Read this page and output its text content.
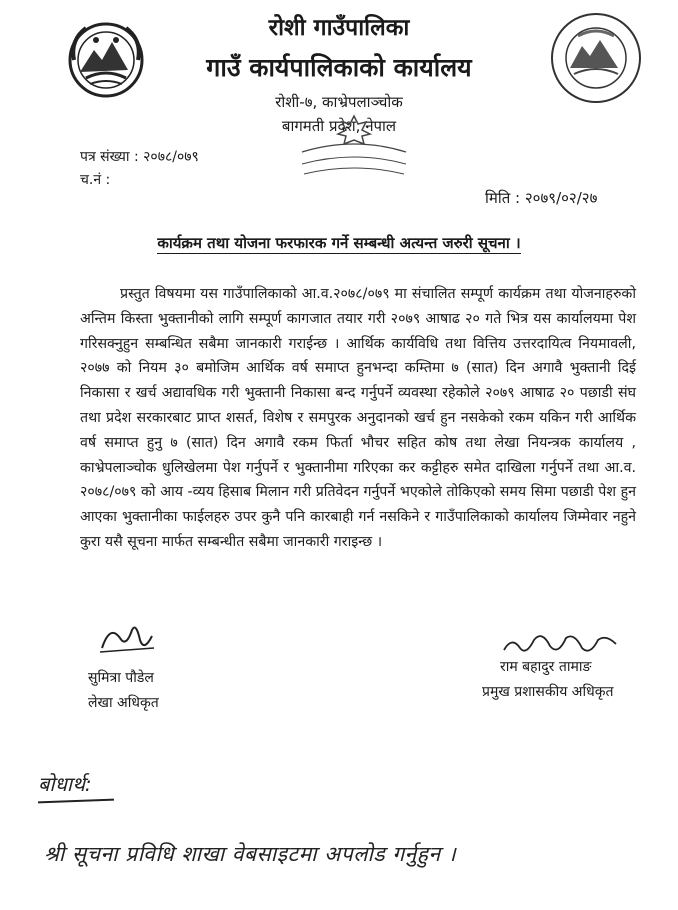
रोशी गाउँपालिका
गाउँ कार्यपालिकाको कार्यालय
रोशी-७, काभ्रेपलाञ्चोक
बागमती प्रदेश, नेपाल
पत्र संख्या : २०७८/०७९
च.नं :
मिति : २०७९/०२/२७
कार्यक्रम तथा योजना फरफारक गर्ने सम्बन्धी अत्यन्त जरुरी सूचना ।
प्रस्तुत विषयमा यस गाउँपालिकाको आ.व.२०७८/०७९ मा संचालित सम्पूर्ण कार्यक्रम तथा योजनाहरुको अन्तिम किस्ता भुक्तानीको लागि सम्पूर्ण कागजात तयार गरी २०७९ आषाढ २० गते भित्र यस कार्यालयमा पेश गरिसक्नुहुन सम्बन्धित सबैमा जानकारी गराईन्छ । आर्थिक कार्यविधि तथा वित्तिय उत्तरदायित्व नियमावली, २०७७ को नियम ३० बमोजिम आर्थिक वर्ष समाप्त हुनभन्दा कम्तिमा ७ (सात) दिन अगावै भुक्तानी दिई निकासा र खर्च अद्यावधिक गरी भुक्तानी निकासा बन्द गर्नुपर्ने व्यवस्था रहेकोले २०७९ आषाढ २० पछाडी संघ तथा प्रदेश सरकारबाट प्राप्त शसर्त, विशेष र समपुरक अनुदानको खर्च हुन नसकेको रकम यकिन गरी आर्थिक वर्ष समाप्त हुनु ७ (सात) दिन अगावै रकम फिर्ता भौचर सहित कोष तथा लेखा नियन्त्रक कार्यालय , काभ्रेपलाञ्चोक धुलिखेलमा पेश गर्नुपर्ने र भुक्तानीमा गरिएका कर कट्टीहरु समेत दाखिला गर्नुपर्ने तथा आ.व. २०७८/०७९ को आय -व्यय हिसाब मिलान गरी प्रतिवेदन गर्नुपर्ने भएकोले तोकिएको समय सिमा पछाडी पेश हुन आएका भुक्तानीका फाईलहरु उपर कुनै पनि कारबाही गर्न नसकिने र गाउँपालिकाको कार्यालय जिम्मेवार नहुने कुरा यसै सूचना मार्फत सम्बन्धीत सबैमा जानकारी गराइन्छ ।
सुमित्रा पौडेल
लेखा अधिकृत
राम बहादुर तामाङ
प्रमुख प्रशासकीय अधिकृत
बोधार्थ:
श्री सूचना प्रविधि शाखा वेबसाइटमा अपलोड गर्नुहुन ।
